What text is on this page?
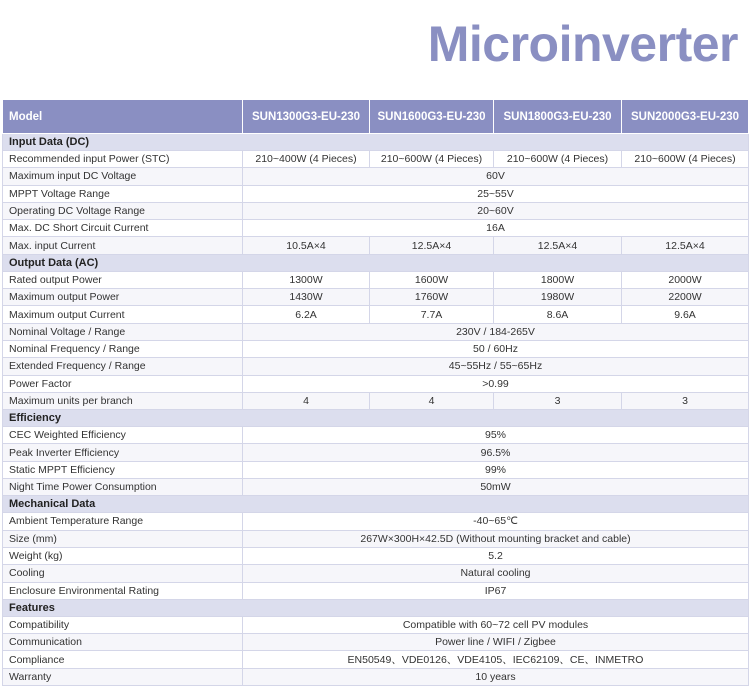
Microinverter
Model	SUN1300G3-EU-230	SUN1600G3-EU-230	SUN1800G3-EU-230	SUN2000G3-EU-230
Input Data (DC)				
Recommended input Power (STC)	210~400W (4 Pieces)	210~600W (4 Pieces)	210~600W (4 Pieces)	210~600W (4 Pieces)
Maximum input DC Voltage	60V			
MPPT Voltage Range	25~55V			
Operating DC Voltage Range	20~60V			
Max. DC Short Circuit Current	16A			
Max. input Current	10.5A×4	12.5A×4	12.5A×4	12.5A×4
Output Data (AC)				
Rated output Power	1300W	1600W	1800W	2000W
Maximum output Power	1430W	1760W	1980W	2200W
Maximum output Current	6.2A	7.7A	8.6A	9.6A
Nominal Voltage / Range	230V / 184-265V			
Nominal Frequency / Range	50 / 60Hz			
Extended Frequency / Range	45~55Hz / 55~65Hz			
Power Factor	>0.99			
Maximum units per branch	4	4	3	3
Efficiency				
CEC Weighted Efficiency	95%			
Peak Inverter Efficiency	96.5%			
Static MPPT Efficiency	99%			
Night Time Power Consumption	50mW			
Mechanical Data				
Ambient Temperature Range	-40~65℃			
Size (mm)	267W×300H×42.5D (Without mounting bracket and cable)			
Weight (kg)	5.2			
Cooling	Natural cooling			
Enclosure Environmental Rating	IP67			
Features				
Compatibility	Compatible with 60~72 cell PV modules			
Communication	Power line / WIFI / Zigbee			
Compliance	EN50549、VDE0126、VDE4105、IEC62109、CE、INMETRO			
Warranty	10 years			
